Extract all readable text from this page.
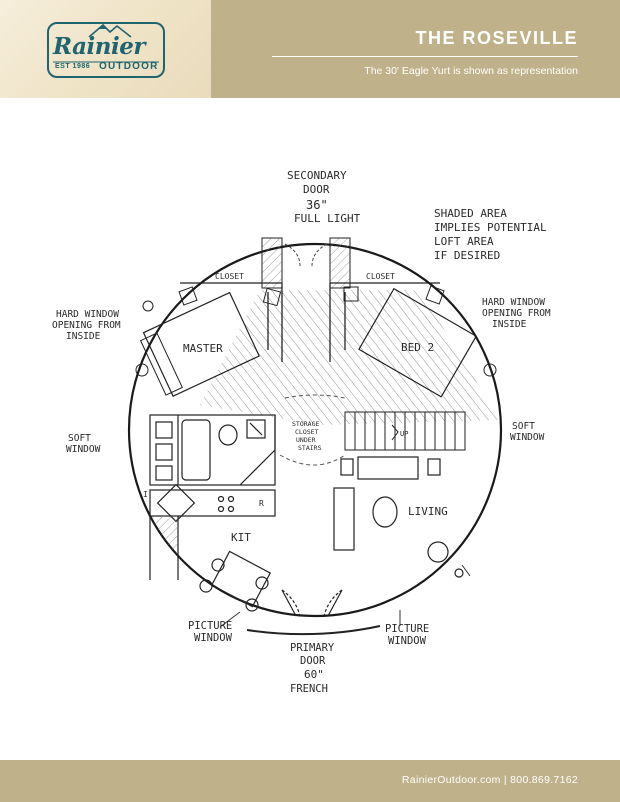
Rainier
EST 1986 OUTDOOR
THE ROSEVILLE
The 30' Eagle Yurt is shown as representation
SECONDARY
DOOR
36"
FULL LIGHT	SHADED AREA
IMPLIES POTENTIAL
LOFT AREA
IF DESIRED
HARD WINDOW
OPENING FROM
INSIDE
HARD WINDOW
OPENING FROM
INSIDE
SOFT
WINDOW
SOFT
WINDOW
CLOSET	CLOSET
MASTER	BED 2
STORAGE
CLOSET
UNDER
STAIRS
UP
LIVING
KIT
R
I
PICTURE
WINDOW
PICTURE
WINDOW
PRIMARY
DOOR
60"
FRENCH
RainierOutdoor.com | 800.869.7162
